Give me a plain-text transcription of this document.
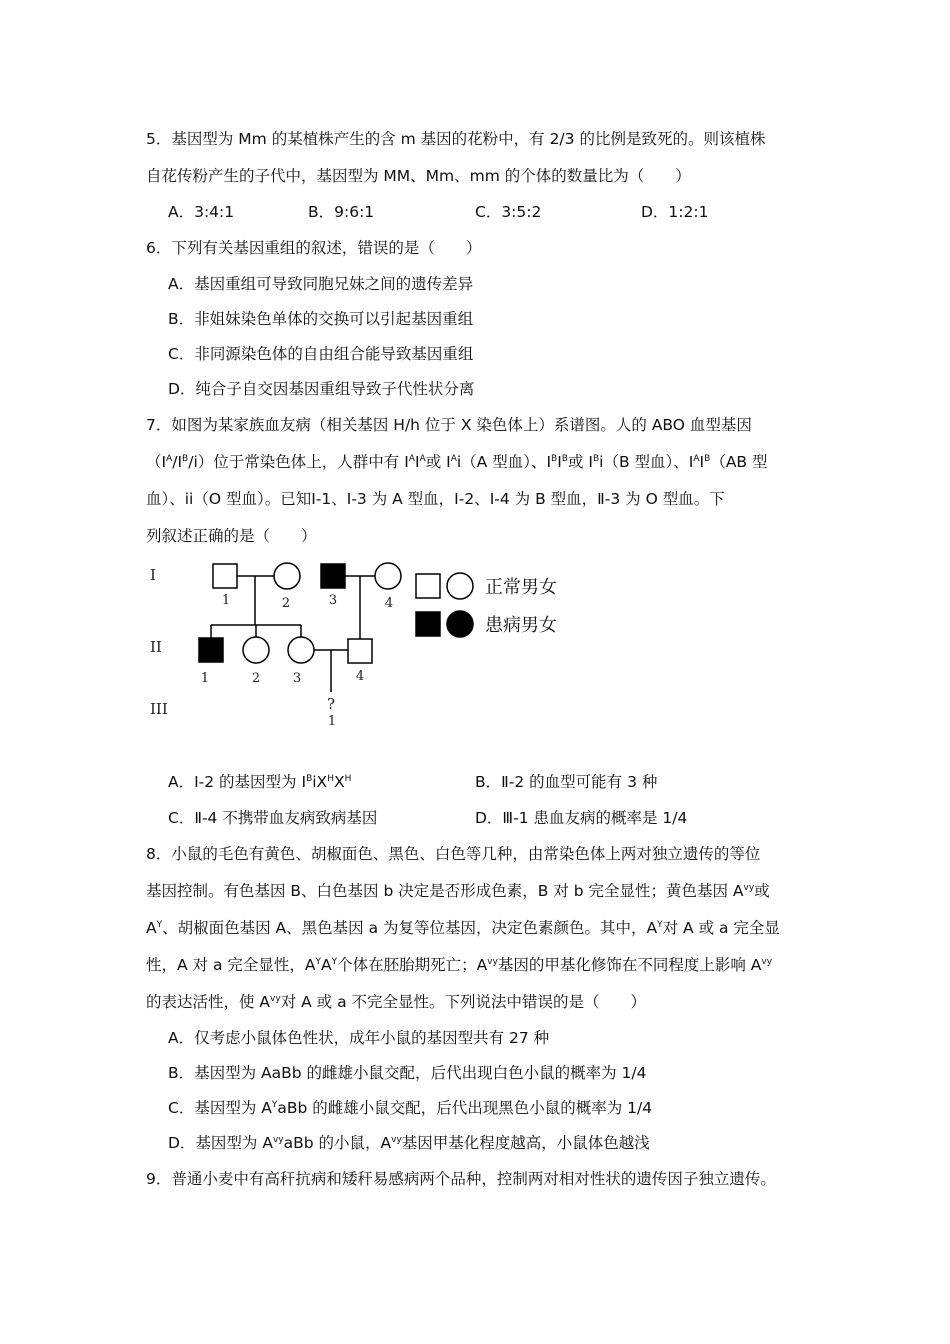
5．基因型为 Mm 的某植株产生的含 m 基因的花粉中，有 2/3 的比例是致死的。则该植株
自花传粉产生的子代中，基因型为 MM、Mm、mm 的个体的数量比为（　　）
A．3:4:1	B．9:6:1	C．3:5:2	D．1:2:1
6．下列有关基因重组的叙述，错误的是（　　）
A．基因重组可导致同胞兄妹之间的遗传差异
B．非姐妹染色单体的交换可以引起基因重组
C．非同源染色体的自由组合能导致基因重组
D．纯合子自交因基因重组导致子代性状分离
7．如图为某家族血友病（相关基因 H/h 位于 X 染色体上）系谱图。人的 ABO 血型基因
$(I^A/I^B/i)$位于常染色体上，人群中有 $I^AI^A$或 $I^Ai(A$ 型血）、$I^BI^B$或 $I^Bi(B$ 型血）、$I^AI^B(AB$ 型
血）、ii（O 型血）。已知Ⅰ-1、Ⅰ-3 为 A 型血，Ⅰ-2、Ⅰ-4 为 B 型血，Ⅱ-3 为 O 型血。下
列叙述正确的是（　　）
I
II
III
1	2	3	4
1	2	3	4
?
1
正常男女
患病男女
A．Ⅰ-2 的基因型为 $I^BiX^HX^H$	B．Ⅱ-2 的血型可能有 3 种
C．Ⅱ-4 不携带血友病致病基因	D．Ⅲ-1 患血友病的概率是 1/4
8．小鼠的毛色有黄色、胡椒面色、黑色、白色等几种，由常染色体上两对独立遗传的等位
基因控制。有色基因 B、白色基因 b 决定是否形成色素，B 对 b 完全显性；黄色基因 $A^{vy}$或
$A^Y$、胡椒面色基因 A、黑色基因 a 为复等位基因，决定色素颜色。其中，$A^Y$对 A 或 a 完全显
性，A 对 a 完全显性，$A^YA^Y$个体在胚胎期死亡；$A^{vy}$基因的甲基化修饰在不同程度上影响 $A^{vy}$
的表达活性，使 $A^{vy}$对 A 或 a 不完全显性。下列说法中错误的是（　　）
A．仅考虑小鼠体色性状，成年小鼠的基因型共有 27 种
B．基因型为 AaBb 的雌雄小鼠交配，后代出现白色小鼠的概率为 1/4
C．基因型为 $A^YaBb$ 的雌雄小鼠交配，后代出现黑色小鼠的概率为 1/4
D．基因型为 $A^{vy}aBb$ 的小鼠，$A^{vy}$基因甲基化程度越高，小鼠体色越浅
9．普通小麦中有高秆抗病和矮秆易感病两个品种，控制两对相对性状的遗传因子独立遗传。
